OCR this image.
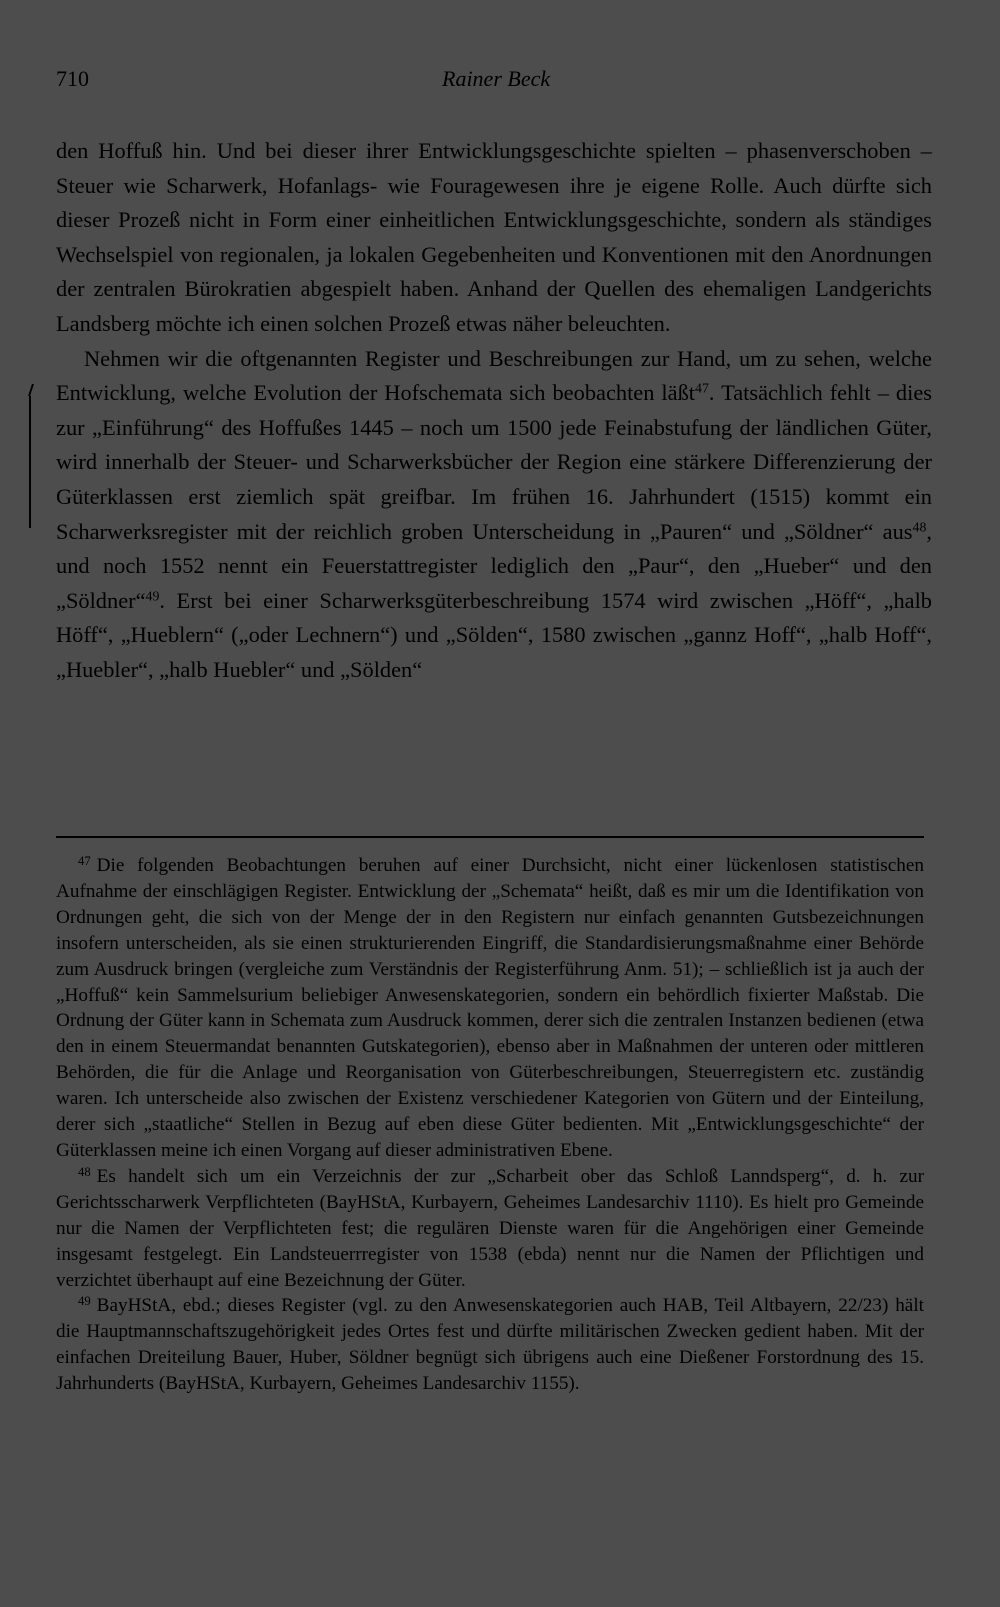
710	Rainer Beck

den Hoffuß hin. Und bei dieser ihrer Entwicklungsgeschichte spielten – phasenverschoben – Steuer wie Scharwerk, Hofanlags- wie Fouragewesen ihre je eigene Rolle. Auch dürfte sich dieser Prozeß nicht in Form einer einheitlichen Entwicklungsgeschichte, sondern als ständiges Wechselspiel von regionalen, ja lokalen Gegebenheiten und Konventionen mit den Anordnungen der zentralen Bürokratien abgespielt haben. Anhand der Quellen des ehemaligen Landgerichts Landsberg möchte ich einen solchen Prozeß etwas näher beleuchten.

Nehmen wir die oftgenannten Register und Beschreibungen zur Hand, um zu sehen, welche Entwicklung, welche Evolution der Hofschemata sich beobachten läßt$^{47}$. Tatsächlich fehlt – dies zur „Einführung“ des Hoffußes 1445 – noch um 1500 jede Feinabstufung der ländlichen Güter, wird innerhalb der Steuer- und Scharwerksbücher der Region eine stärkere Differenzierung der Güterklassen erst ziemlich spät greifbar. Im frühen 16. Jahrhundert (1515) kommt ein Scharwerksregister mit der reichlich groben Unterscheidung in „Pauren“ und „Söldner“ aus$^{48}$, und noch 1552 nennt ein Feuerstattregister lediglich den „Paur“, den „Hueber“ und den „Söldner“$^{49}$. Erst bei einer Scharwerksgüterbeschreibung 1574 wird zwischen „Höff“, „halb Höff“, „Hueblern“ („oder Lechnern“) und „Sölden“, 1580 zwischen „gannz Hoff“, „halb Hoff“, „Huebler“, „halb Huebler“ und „Sölden“

$^{47}$ Die folgenden Beobachtungen beruhen auf einer Durchsicht, nicht einer lückenlosen statistischen Aufnahme der einschlägigen Register. Entwicklung der „Schemata“ heißt, daß es mir um die Identifikation von Ordnungen geht, die sich von der Menge der in den Registern nur einfach genannten Gutsbezeichnungen insofern unterscheiden, als sie einen strukturierenden Eingriff, die Standardisierungsmaßnahme einer Behörde zum Ausdruck bringen (vergleiche zum Verständnis der Registerführung Anm. 51); – schließlich ist ja auch der „Hoffuß“ kein Sammelsurium beliebiger Anwesenskategorien, sondern ein behördlich fixierter Maßstab. Die Ordnung der Güter kann in Schemata zum Ausdruck kommen, derer sich die zentralen Instanzen bedienen (etwa den in einem Steuermandat benannten Gutskategorien), ebenso aber in Maßnahmen der unteren oder mittleren Behörden, die für die Anlage und Reorganisation von Güterbeschreibungen, Steuerregistern etc. zuständig waren. Ich unterscheide also zwischen der Existenz verschiedener Kategorien von Gütern und der Einteilung, derer sich „staatliche“ Stellen in Bezug auf eben diese Güter bedienten. Mit „Entwicklungsgeschichte“ der Güterklassen meine ich einen Vorgang auf dieser administrativen Ebene.

$^{48}$ Es handelt sich um ein Verzeichnis der zur „Scharbeit ober das Schloß Lanndsperg“, d. h. zur Gerichtsscharwerk Verpflichteten (BayHStA, Kurbayern, Geheimes Landesarchiv 1110). Es hielt pro Gemeinde nur die Namen der Verpflichteten fest; die regulären Dienste waren für die Angehörigen einer Gemeinde insgesamt festgelegt. Ein Landsteuerrregister von 1538 (ebda) nennt nur die Namen der Pflichtigen und verzichtet überhaupt auf eine Bezeichnung der Güter.

$^{49}$ BayHStA, ebd.; dieses Register (vgl. zu den Anwesenskategorien auch HAB, Teil Altbayern, 22/23) hält die Hauptmannschaftszugehörigkeit jedes Ortes fest und dürfte militärischen Zwecken gedient haben. Mit der einfachen Dreiteilung Bauer, Huber, Söldner begnügt sich übrigens auch eine Dießener Forstordnung des 15. Jahrhunderts (BayHStA, Kurbayern, Geheimes Landesarchiv 1155).
